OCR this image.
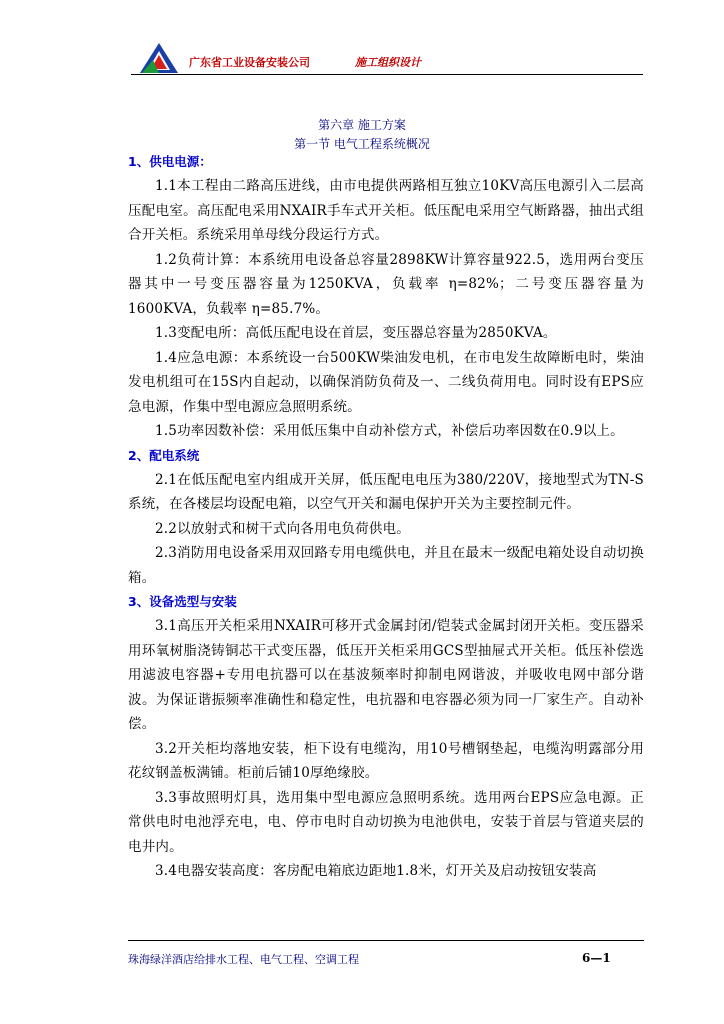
广东省工业设备安装公司	施工组织设计
第六章 施工方案
第一节 电气工程系统概况
1、供电电源：

1.1本工程由二路高压进线，由市电提供两路相互独立10KV高压电源引入二层高压配电室。高压配电采用NXAIR手车式开关柜。低压配电采用空气断路器，抽出式组合开关柜。系统采用单母线分段运行方式。

1.2负荷计算：本系统用电设备总容量2898KW计算容量922.5，选用两台变压器其中一号变压器容量为1250KVA，负载率 η=82%；二号变压器容量为1600KVA，负载率 η=85.7%。

1.3变配电所：高低压配电设在首层，变压器总容量为2850KVA。

1.4应急电源：本系统设一台500KW柴油发电机，在市电发生故障断电时，柴油发电机组可在15S内自起动，以确保消防负荷及一、二线负荷用电。同时设有EPS应急电源，作集中型电源应急照明系统。

1.5功率因数补偿：采用低压集中自动补偿方式，补偿后功率因数在0.9以上。

2、配电系统

2.1在低压配电室内组成开关屏，低压配电电压为380/220V，接地型式为TN-S系统，在各楼层均设配电箱，以空气开关和漏电保护开关为主要控制元件。

2.2以放射式和树干式向各用电负荷供电。

2.3消防用电设备采用双回路专用电缆供电，并且在最末一级配电箱处设自动切换箱。

3、设备选型与安装

3.1高压开关柜采用NXAIR可移开式金属封闭/铠装式金属封闭开关柜。变压器采用环氧树脂浇铸铜芯干式变压器，低压开关柜采用GCS型抽屉式开关柜。低压补偿选用滤波电容器+专用电抗器可以在基波频率时抑制电网谐波，并吸收电网中部分谐波。为保证谐振频率准确性和稳定性，电抗器和电容器必须为同一厂家生产。自动补偿。

3.2开关柜均落地安装，柜下设有电缆沟，用10号槽钢垫起，电缆沟明露部分用花纹钢盖板满铺。柜前后铺10厚绝缘胶。

3.3事故照明灯具，选用集中型电源应急照明系统。选用两台EPS应急电源。正常供电时电池浮充电，电、停市电时自动切换为电池供电，安装于首层与管道夹层的电井内。

3.4电器安装高度：客房配电箱底边距地1.8米，灯开关及启动按钮安装高

珠海绿洋酒店给排水工程、电气工程、空调工程	6—1
